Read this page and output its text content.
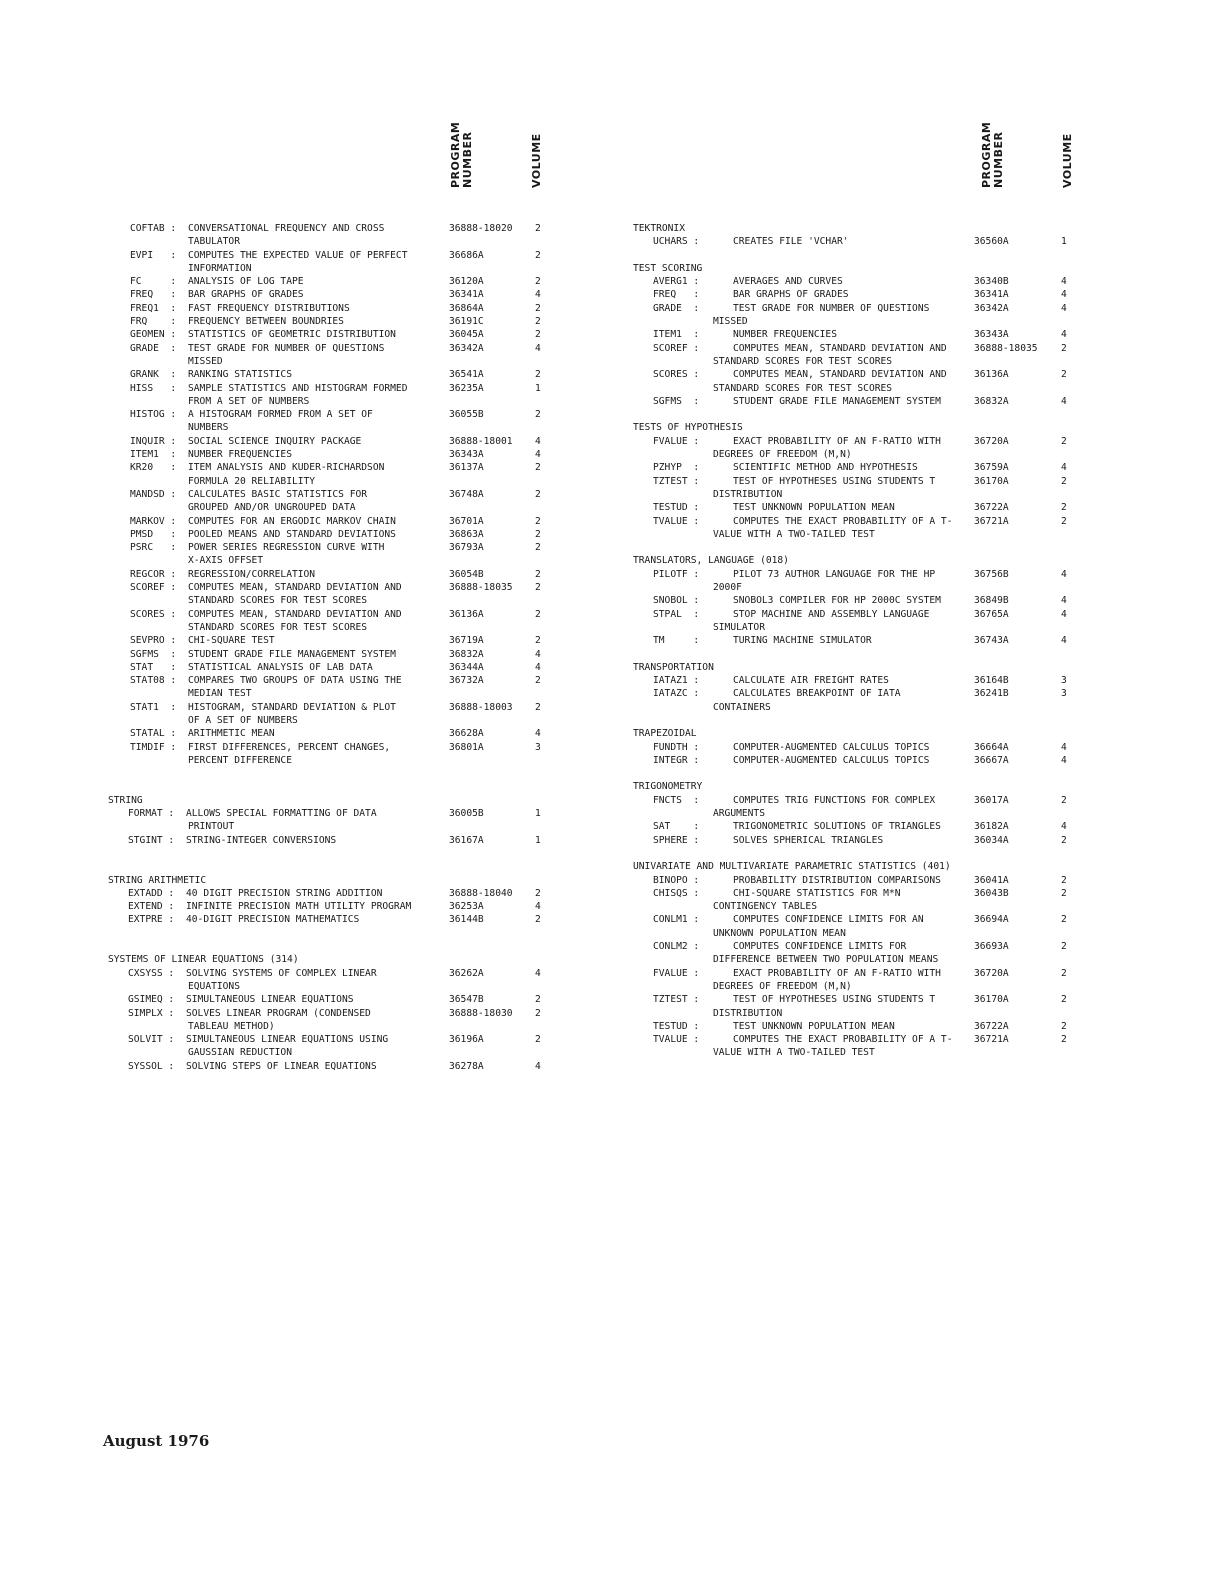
PROGRAM NUMBER	VOLUME	PROGRAM NUMBER	VOLUME
COFTAB : CONVERSATIONAL FREQUENCY AND CROSS	36888-18020 2
TABULATOR
EVPI   : COMPUTES THE EXPECTED VALUE OF PERFECT	36686A	2
INFORMATION
FC     : ANALYSIS OF LOG TAPE	36120A	2
FREQ   : BAR GRAPHS OF GRADES	36341A	4
FREQ1  : FAST FREQUENCY DISTRIBUTIONS	36864A	2
FRQ    : FREQUENCY BETWEEN BOUNDRIES	36191C	2
GEOMEN : STATISTICS OF GEOMETRIC DISTRIBUTION	36045A	2
GRADE  : TEST GRADE FOR NUMBER OF QUESTIONS	36342A	4
MISSED
GRANK  : RANKING STATISTICS	36541A	2
HISS   : SAMPLE STATISTICS AND HISTOGRAM FORMED	36235A	1
FROM A SET OF NUMBERS
HISTOG : A HISTOGRAM FORMED FROM A SET OF	36055B	2
NUMBERS
INQUIR : SOCIAL SCIENCE INQUIRY PACKAGE	36888-18001 4
ITEM1  : NUMBER FREQUENCIES	36343A	4
KR20   : ITEM ANALYSIS AND KUDER-RICHARDSON	36137A	2
FORMULA 20 RELIABILITY
MANDSD : CALCULATES BASIC STATISTICS FOR	36748A	2
GROUPED AND/OR UNGROUPED DATA
MARKOV : COMPUTES FOR AN ERGODIC MARKOV CHAIN	36701A	2
PMSD   : POOLED MEANS AND STANDARD DEVIATIONS	36863A	2
PSRC   : POWER SERIES REGRESSION CURVE WITH	36793A	2
X-AXIS OFFSET
REGCOR : REGRESSION/CORRELATION	36054B	2
SCOREF : COMPUTES MEAN, STANDARD DEVIATION AND	36888-18035 2
STANDARD SCORES FOR TEST SCORES
SCORES : COMPUTES MEAN, STANDARD DEVIATION AND	36136A	2
STANDARD SCORES FOR TEST SCORES
SEVPRO : CHI-SQUARE TEST	36719A	2
SGFMS  : STUDENT GRADE FILE MANAGEMENT SYSTEM	36832A	4
STAT   : STATISTICAL ANALYSIS OF LAB DATA	36344A	4
STAT08 : COMPARES TWO GROUPS OF DATA USING THE	36732A	2
MEDIAN TEST
STAT1  : HISTOGRAM, STANDARD DEVIATION & PLOT	36888-18003 2
OF A SET OF NUMBERS
STATAL : ARITHMETIC MEAN	36628A	4
TIMDIF : FIRST DIFFERENCES, PERCENT CHANGES,	36801A	3
PERCENT DIFFERENCE
STRING
FORMAT : ALLOWS SPECIAL FORMATTING OF DATA	36005B	1
PRINTOUT
STGINT : STRING-INTEGER CONVERSIONS	36167A	1
STRING ARITHMETIC
EXTADD : 40 DIGIT PRECISION STRING ADDITION	36888-18040 2
EXTEND : INFINITE PRECISION MATH UTILITY PROGRAM	36253A	4
EXTPRE : 40-DIGIT PRECISION MATHEMATICS	36144B	2
SYSTEMS OF LINEAR EQUATIONS (314)
CXSYSS : SOLVING SYSTEMS OF COMPLEX LINEAR	36262A	4
EQUATIONS
GSIMEQ : SIMULTANEOUS LINEAR EQUATIONS	36547B	2
SIMPLX : SOLVES LINEAR PROGRAM (CONDENSED	36888-18030 2
TABLEAU METHOD)
SOLVIT : SIMULTANEOUS LINEAR EQUATIONS USING	36196A	2
GAUSSIAN REDUCTION
SYSSOL : SOLVING STEPS OF LINEAR EQUATIONS	36278A	4
TEKTRONIX
UCHARS :	CREATES FILE 'VCHAR'	36560A	1
TEST SCORING
AVERG1 :	AVERAGES AND CURVES	36340B	4
FREQ   :	BAR GRAPHS OF GRADES	36341A	4
GRADE  :	TEST GRADE FOR NUMBER OF QUESTIONS	36342A	4
MISSED
ITEM1  :	NUMBER FREQUENCIES	36343A	4
SCOREF :	COMPUTES MEAN, STANDARD DEVIATION AND	36888-18035 2
STANDARD SCORES FOR TEST SCORES
SCORES :	COMPUTES MEAN, STANDARD DEVIATION AND	36136A	2
STANDARD SCORES FOR TEST SCORES
SGFMS  :	STUDENT GRADE FILE MANAGEMENT SYSTEM	36832A	4
TESTS OF HYPOTHESIS
FVALUE :	EXACT PROBABILITY OF AN F-RATIO WITH	36720A	2
DEGREES OF FREEDOM (M,N)
PZHYP  :	SCIENTIFIC METHOD AND HYPOTHESIS	36759A	4
TZTEST :	TEST OF HYPOTHESES USING STUDENTS T	36170A	2
DISTRIBUTION
TESTUD :	TEST UNKNOWN POPULATION MEAN	36722A	2
TVALUE :	COMPUTES THE EXACT PROBABILITY OF A T- 36721A	2
VALUE WITH A TWO-TAILED TEST
TRANSLATORS, LANGUAGE (018)
PILOTF :	PILOT 73 AUTHOR LANGUAGE FOR THE HP	36756B	4
2000F
SNOBOL :	SNOBOL3 COMPILER FOR HP 2000C SYSTEM	36849B	4
STPAL  :	STOP MACHINE AND ASSEMBLY LANGUAGE	36765A	4
SIMULATOR
TM     :	TURING MACHINE SIMULATOR	36743A	4
TRANSPORTATION
IATAZ1 :	CALCULATE AIR FREIGHT RATES	36164B	3
IATAZC :	CALCULATES BREAKPOINT OF IATA	36241B	3
CONTAINERS
TRAPEZOIDAL
FUNDTH :	COMPUTER-AUGMENTED CALCULUS TOPICS	36664A	4
INTEGR :	COMPUTER-AUGMENTED CALCULUS TOPICS	36667A	4
TRIGONOMETRY
FNCTS  :	COMPUTES TRIG FUNCTIONS FOR COMPLEX	36017A	2
ARGUMENTS
SAT    :	TRIGONOMETRIC SOLUTIONS OF TRIANGLES	36182A	4
SPHERE :	SOLVES SPHERICAL TRIANGLES	36034A	2
UNIVARIATE AND MULTIVARIATE PARAMETRIC STATISTICS (401)
BINOPO :	PROBABILITY DISTRIBUTION COMPARISONS	36041A	2
CHISQS :	CHI-SQUARE STATISTICS FOR M*N	36043B	2
CONTINGENCY TABLES
CONLM1 :	COMPUTES CONFIDENCE LIMITS FOR AN	36694A	2
UNKNOWN POPULATION MEAN
CONLM2 :	COMPUTES CONFIDENCE LIMITS FOR	36693A	2
DIFFERENCE BETWEEN TWO POPULATION MEANS
FVALUE :	EXACT PROBABILITY OF AN F-RATIO WITH	36720A	2
DEGREES OF FREEDOM (M,N)
TZTEST :	TEST OF HYPOTHESES USING STUDENTS T	36170A	2
DISTRIBUTION
TESTUD :	TEST UNKNOWN POPULATION MEAN	36722A	2
TVALUE :	COMPUTES THE EXACT PROBABILITY OF A T- 36721A	2
VALUE WITH A TWO-TAILED TEST
August 1976
